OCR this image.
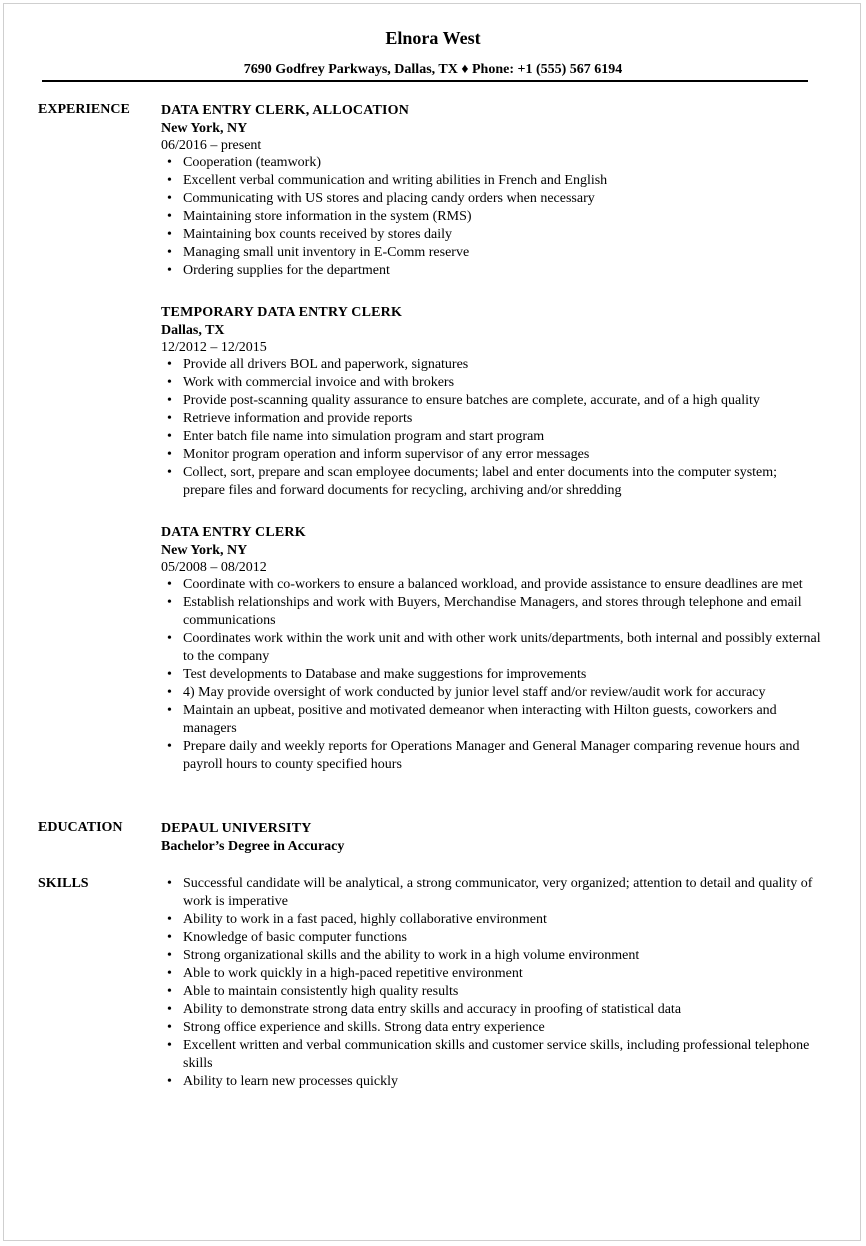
Elnora West
7690 Godfrey Parkways, Dallas, TX ♦ Phone: +1 (555) 567 6194
EXPERIENCE DATA ENTRY CLERK, ALLOCATION
New York, NY
06/2016 – present
• Cooperation (teamwork)
• Excellent verbal communication and writing abilities in French and English
• Communicating with US stores and placing candy orders when necessary
• Maintaining store information in the system (RMS)
• Maintaining box counts received by stores daily
• Managing small unit inventory in E-Comm reserve
• Ordering supplies for the department
TEMPORARY DATA ENTRY CLERK
Dallas, TX
12/2012 – 12/2015
• Provide all drivers BOL and paperwork, signatures
• Work with commercial invoice and with brokers
• Provide post-scanning quality assurance to ensure batches are complete, accurate, and of a high quality
• Retrieve information and provide reports
• Enter batch file name into simulation program and start program
• Monitor program operation and inform supervisor of any error messages
• Collect, sort, prepare and scan employee documents; label and enter documents into the computer system; prepare files and forward documents for recycling, archiving and/or shredding
DATA ENTRY CLERK
New York, NY
05/2008 – 08/2012
• Coordinate with co-workers to ensure a balanced workload, and provide assistance to ensure deadlines are met
• Establish relationships and work with Buyers, Merchandise Managers, and stores through telephone and email communications
• Coordinates work within the work unit and with other work units/departments, both internal and possibly external to the company
• Test developments to Database and make suggestions for improvements
• 4) May provide oversight of work conducted by junior level staff and/or review/audit work for accuracy
• Maintain an upbeat, positive and motivated demeanor when interacting with Hilton guests, coworkers and managers
• Prepare daily and weekly reports for Operations Manager and General Manager comparing revenue hours and payroll hours to county specified hours
EDUCATION	DEPAUL UNIVERSITY
Bachelor’s Degree in Accuracy
SKILLS
•	Successful candidate will be analytical, a strong communicator, very organized; attention to detail and quality of work is imperative
• Ability to work in a fast paced, highly collaborative environment
• Knowledge of basic computer functions
• Strong organizational skills and the ability to work in a high volume environment
• Able to work quickly in a high-paced repetitive environment
• Able to maintain consistently high quality results
• Ability to demonstrate strong data entry skills and accuracy in proofing of statistical data
• Strong office experience and skills. Strong data entry experience
• Excellent written and verbal communication skills and customer service skills, including professional telephone skills
• Ability to learn new processes quickly
